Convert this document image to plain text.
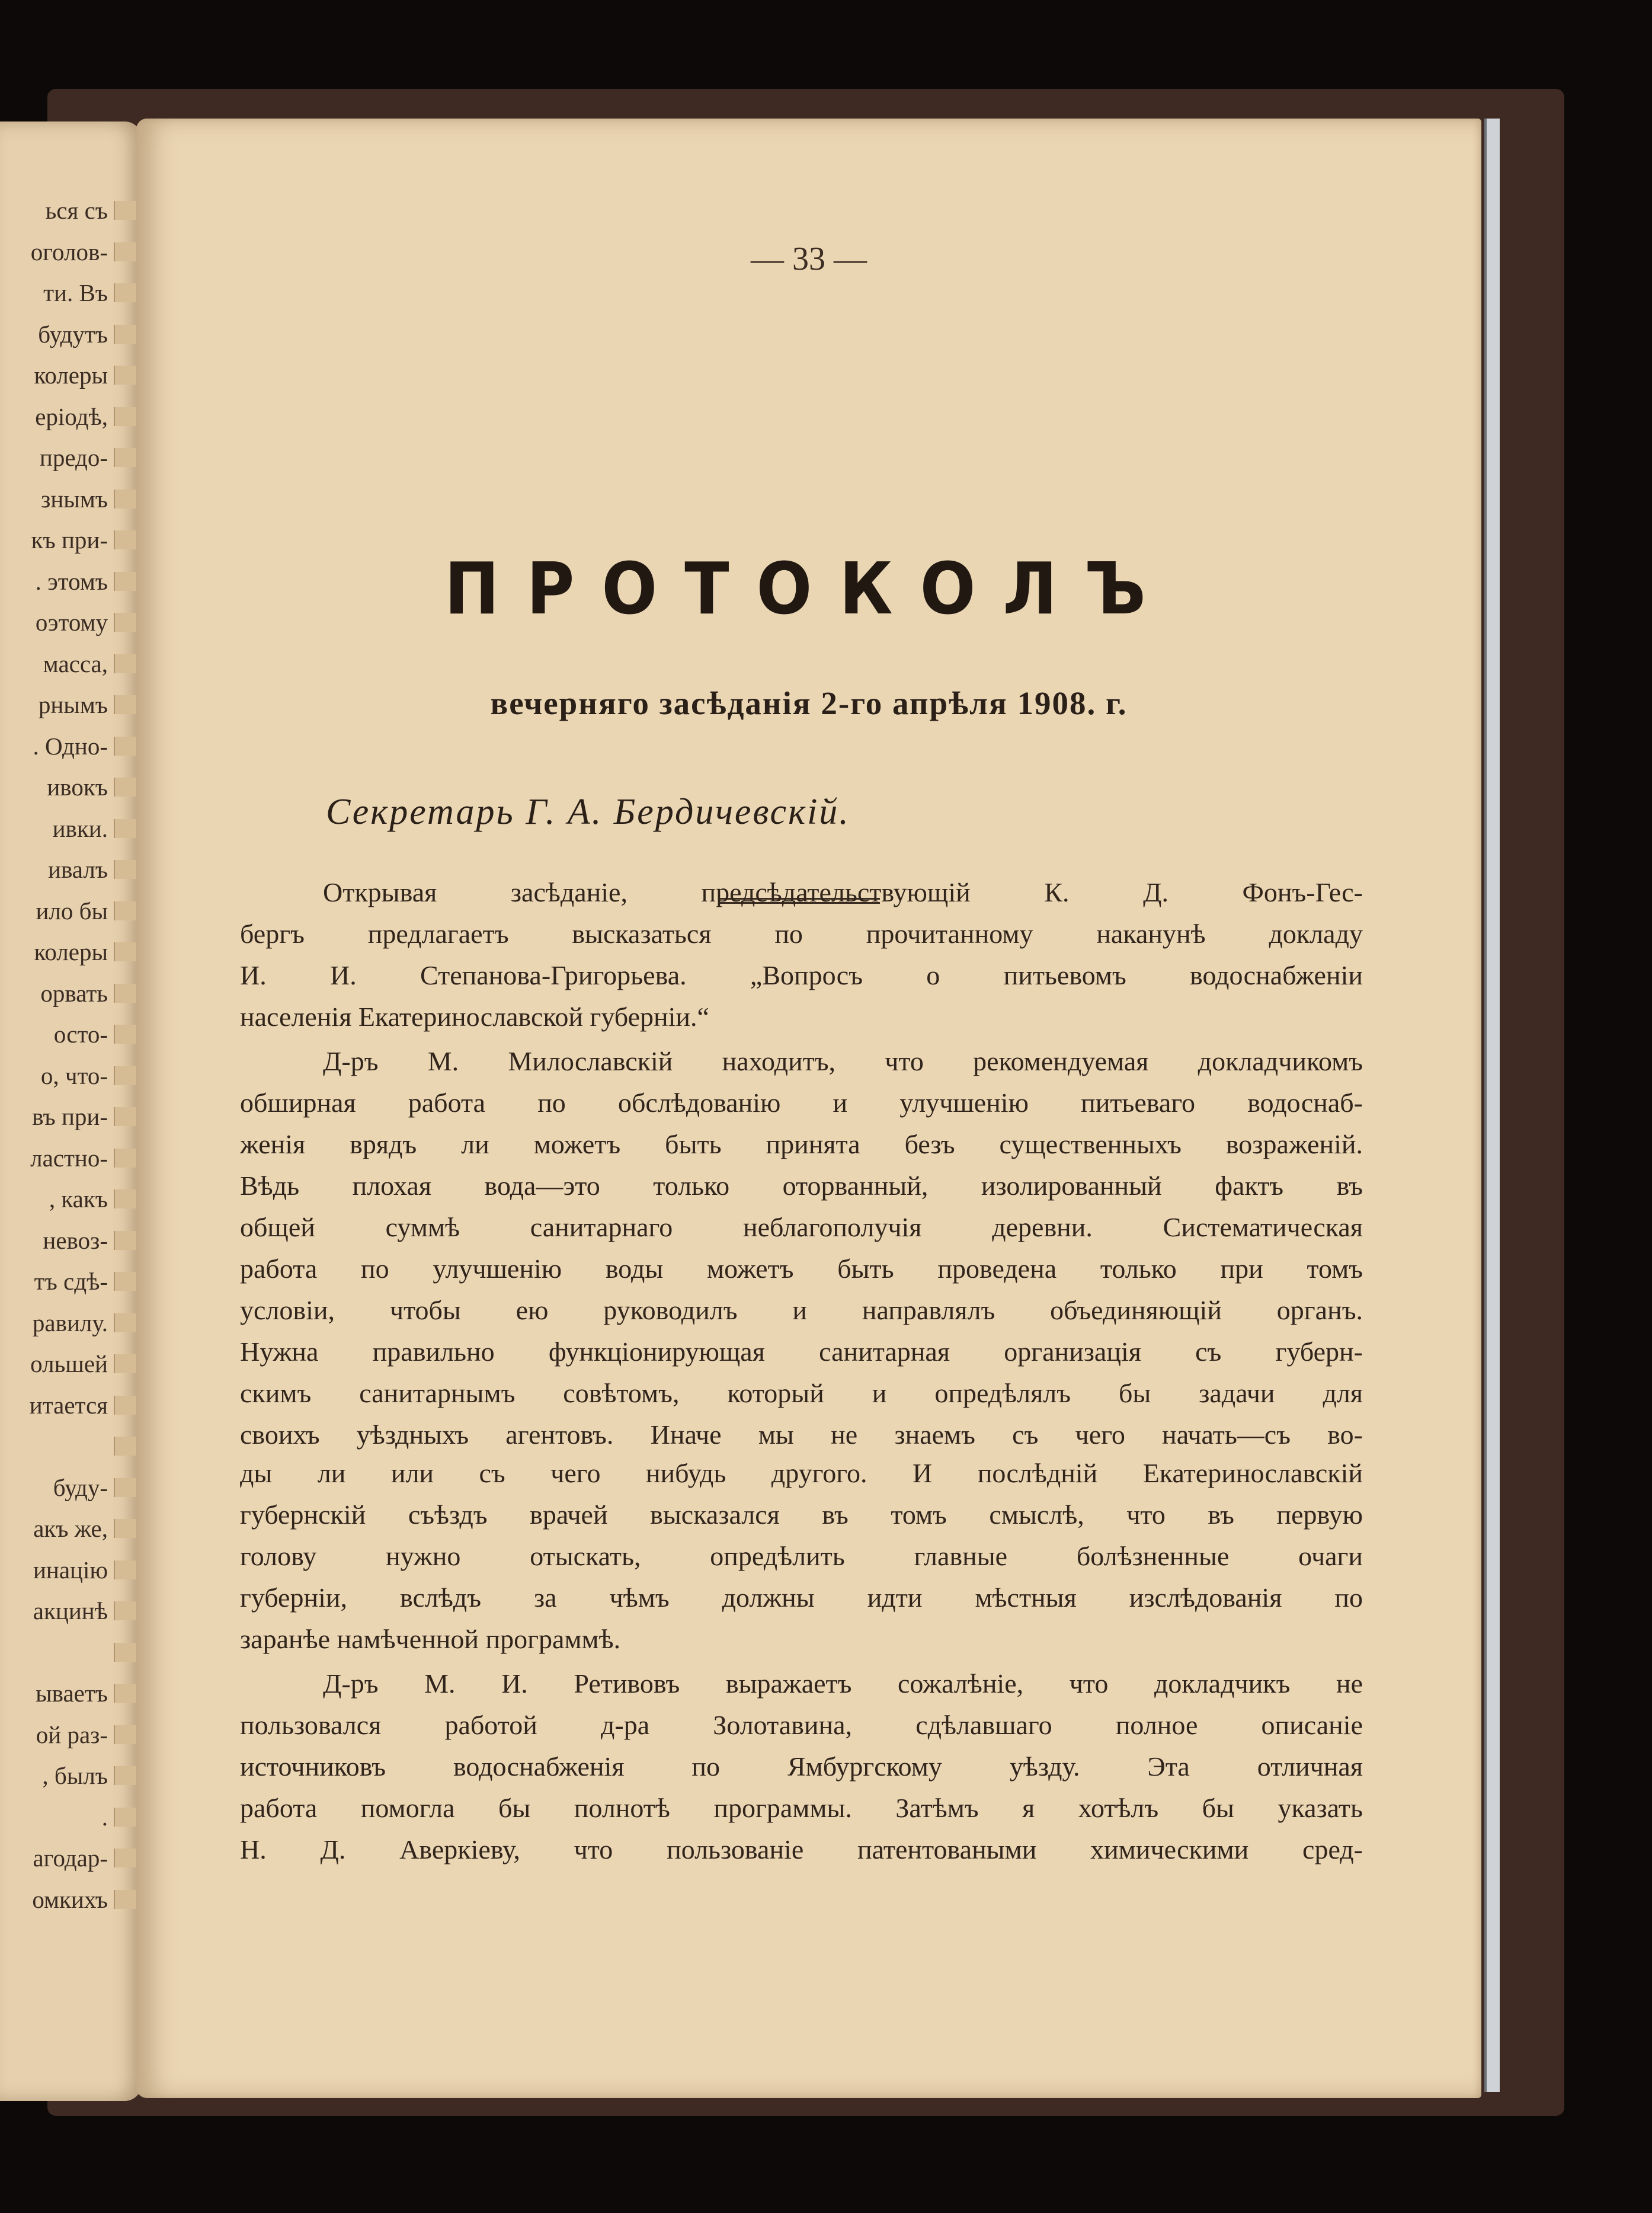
ься съ
оголов-
ти. Въ
будутъ
колеры
еріодѣ,
предо-
знымъ
къ при-
. этомъ
оэтому
масса,
рнымъ
. Одно-
ивокъ
ивки.
ивалъ
ило бы
колеры
орвать
осто-
о, что-
въ при-
ластно-
, какъ
невоз-
тъ сдѣ-
равилу.
ольшей
итается
буду-
акъ же,
инацію
акцинѣ
ываетъ
ой раз-
, былъ
.
агодар-
омкихъ
— 33 —
ПРОТОКОЛЪ
вечерняго засѣданія 2-го апрѣля 1908. г.
Секретарь Г. А. Бердичевскій.
Открывая засѣданіе, предсѣдательствующій К. Д. Фонъ-Гес-
бергъ предлагаетъ высказаться по прочитанному наканунѣ докладу
И. И. Степанова-Григорьева. „Вопросъ о питьевомъ водоснабженіи
населенія Екатеринославской губерніи.“
Д-ръ М. Милославскій находитъ, что рекомендуемая докладчикомъ
обширная работа по обслѣдованію и улучшенію питьеваго водоснаб-
женія врядъ ли можетъ быть принята безъ существенныхъ возраженій.
Вѣдь плохая вода—это только оторванный, изолированный фактъ въ
общей суммѣ санитарнаго неблагополучія деревни. Систематическая
работа по улучшенію воды можетъ быть проведена только при томъ
условіи, чтобы ею руководилъ и направлялъ объединяющій органъ.
Нужна правильно функціонирующая санитарная организація съ губерн-
скимъ санитарнымъ совѣтомъ, который и опредѣлялъ бы задачи для
своихъ уѣздныхъ агентовъ. Иначе мы не знаемъ съ чего начать—съ во-
ды ли или съ чего нибудь другого. И послѣдній Екатеринославскій
губернскій съѣздъ врачей высказался въ томъ смыслѣ, что въ первую
голову нужно отыскать, опредѣлить главные болѣзненные очаги
губерніи, вслѣдъ за чѣмъ должны идти мѣстныя изслѣдованія по
заранѣе намѣченной программѣ.
Д-ръ М. И. Ретивовъ выражаетъ сожалѣніе, что докладчикъ не
пользовался работой д-ра Золотавина, сдѣлавшаго полное описаніе
источниковъ водоснабженія по Ямбургскому уѣзду. Эта отличная
работа помогла бы полнотѣ программы. Затѣмъ я хотѣлъ бы указать
Н. Д. Аверкіеву, что пользованіе патентоваными химическими сред-
